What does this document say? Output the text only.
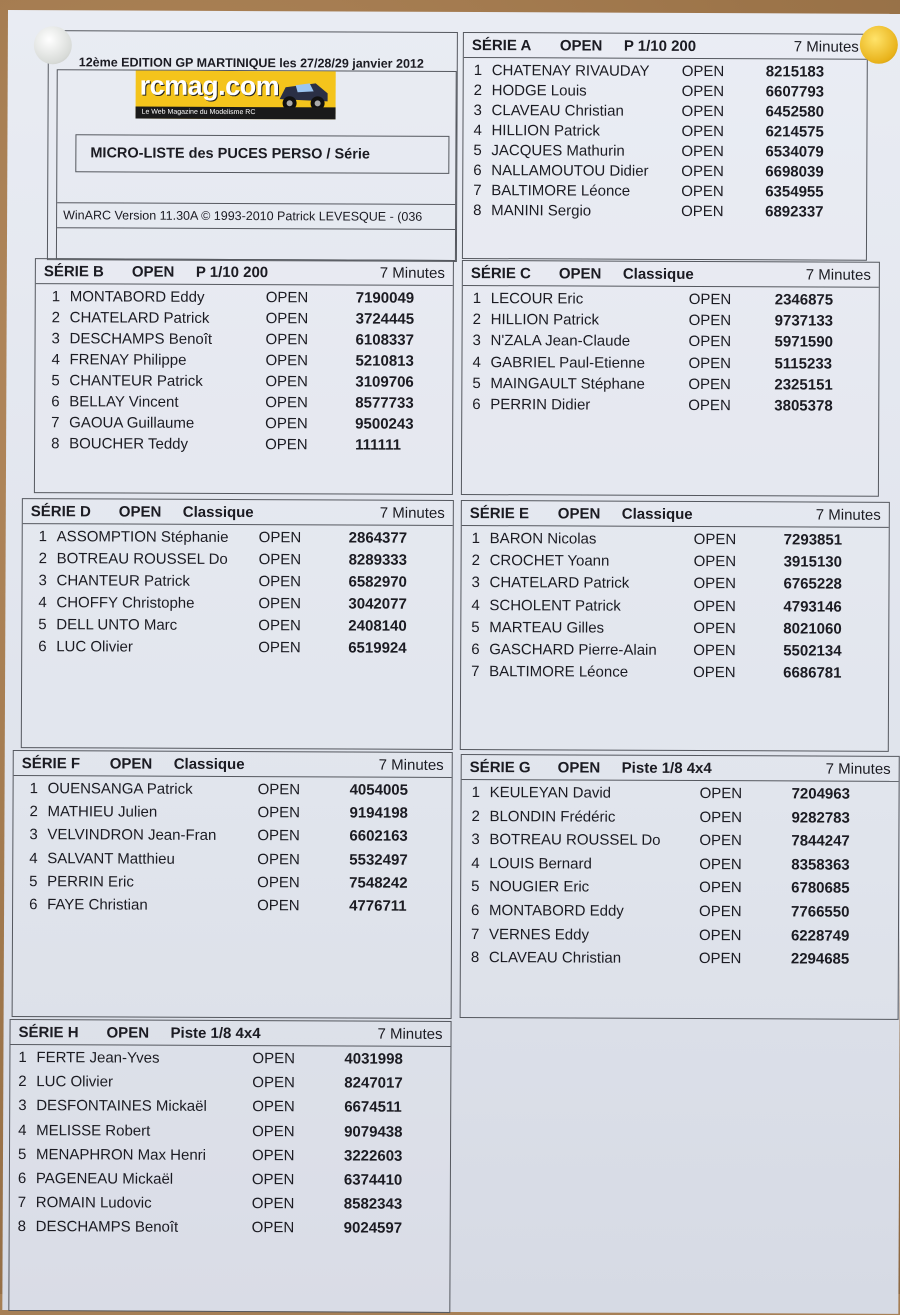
12ème EDITION GP MARTINIQUE les 27/28/29 janvier 2012
MICRO-LISTE des PUCES PERSO / Série
WinARC Version 11.30A © 1993-2010 Patrick LEVESQUE - (036
rcmag.com
Le Web Magazine du Modelisme RC
SÉRIE A OPEN P 1/10 200	7 Minutes
1 CHATENAY RIVAUDAY OPEN	8215183
2 HODGE Louis	OPEN	6607793
3 CLAVEAU Christian	OPEN	6452580
4 HILLION Patrick	OPEN	6214575
5 JACQUES Mathurin	OPEN	6534079
6 NALLAMOUTOU Didier OPEN	6698039
7 BALTIMORE Léonce	OPEN	6354955
8 MANINI Sergio	OPEN	6892337
SÉRIE B OPEN P 1/10 200	7 Minutes
1 MONTABORD Eddy	OPEN	7190049
2 CHATELARD Patrick	OPEN	3724445
3 DESCHAMPS Benoît	OPEN	6108337
4 FRENAY Philippe	OPEN	5210813
5 CHANTEUR Patrick	OPEN	3109706
6 BELLAY Vincent	OPEN	8577733
7 GAOUA Guillaume	OPEN	9500243
8 BOUCHER Teddy	OPEN	111111
SÉRIE C OPEN Classique	7 Minutes
1 LECOUR Eric	OPEN	2346875
2 HILLION Patrick	OPEN	9737133
3 N'ZALA Jean-Claude	OPEN	5971590
4 GABRIEL Paul-Etienne	OPEN	5115233
5 MAINGAULT Stéphane	OPEN	2325151
6 PERRIN Didier	OPEN	3805378
SÉRIE D OPEN Classique	7 Minutes
1 ASSOMPTION Stéphanie OPEN	2864377
2 BOTREAU ROUSSEL Do OPEN	8289333
3 CHANTEUR Patrick	OPEN	6582970
4 CHOFFY Christophe	OPEN	3042077
5 DELL UNTO Marc	OPEN	2408140
6 LUC Olivier	OPEN	6519924
SÉRIE E OPEN Classique	7 Minutes
1 BARON Nicolas	OPEN	7293851
2 CROCHET Yoann	OPEN	3915130
3 CHATELARD Patrick	OPEN	6765228
4 SCHOLENT Patrick	OPEN	4793146
5 MARTEAU Gilles	OPEN	8021060
6 GASCHARD Pierre-Alain OPEN	5502134
7 BALTIMORE Léonce	OPEN	6686781
SÉRIE F OPEN Classique	7 Minutes
1 OUENSANGA Patrick	OPEN	4054005
2 MATHIEU Julien	OPEN	9194198
3 VELVINDRON Jean-Fran	OPEN	6602163
4 SALVANT Matthieu	OPEN	5532497
5 PERRIN Eric	OPEN	7548242
6 FAYE Christian	OPEN	4776711
SÉRIE G OPEN Piste 1/8 4x4	7 Minutes
1 KEULEYAN David	OPEN	7204963
2 BLONDIN Frédéric	OPEN	9282783
3 BOTREAU ROUSSEL Do	OPEN	7844247
4 LOUIS Bernard	OPEN	8358363
5 NOUGIER Eric	OPEN	6780685
6 MONTABORD Eddy	OPEN	7766550
7 VERNES Eddy	OPEN	6228749
8 CLAVEAU Christian	OPEN	2294685
SÉRIE H OPEN Piste 1/8 4x4	7 Minutes
1 FERTE Jean-Yves	OPEN	4031998
2 LUC Olivier	OPEN	8247017
3 DESFONTAINES Mickaël	OPEN	6674511
4 MELISSE Robert	OPEN	9079438
5 MENAPHRON Max Henri	OPEN	3222603
6 PAGENEAU Mickaël	OPEN	6374410
7 ROMAIN Ludovic	OPEN	8582343
8 DESCHAMPS Benoît	OPEN	9024597
